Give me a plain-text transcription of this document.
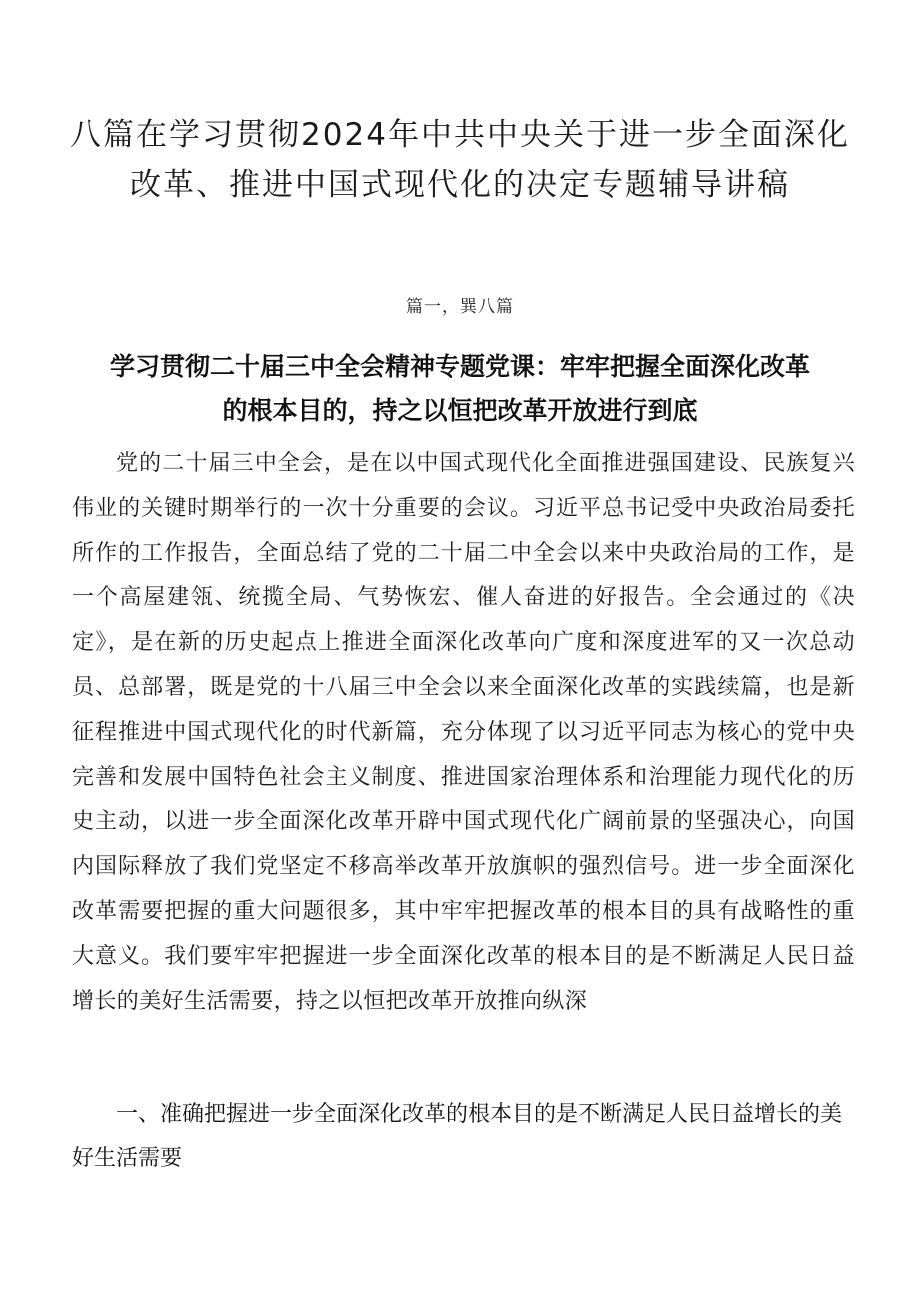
八篇在学习贯彻2024年中共中央关于进一步全面深化改革、推进中国式现代化的决定专题辅导讲稿
篇一，巽八篇
学习贯彻二十届三中全会精神专题党课：牢牢把握全面深化改革的根本目的，持之以恒把改革开放进行到底

党的二十届三中全会，是在以中国式现代化全面推进强国建设、民族复兴伟业的关键时期举行的一次十分重要的会议。习近平总书记受中央政治局委托所作的工作报告，全面总结了党的二十届二中全会以来中央政治局的工作，是一个高屋建瓴、统揽全局、气势恢宏、催人奋进的好报告。全会通过的《决定》，是在新的历史起点上推进全面深化改革向广度和深度进军的又一次总动员、总部署，既是党的十八届三中全会以来全面深化改革的实践续篇，也是新征程推进中国式现代化的时代新篇，充分体现了以习近平同志为核心的党中央完善和发展中国特色社会主义制度、推进国家治理体系和治理能力现代化的历史主动，以进一步全面深化改革开辟中国式现代化广阔前景的坚强决心，向国内国际释放了我们党坚定不移高举改革开放旗帜的强烈信号。进一步全面深化改革需要把握的重大问题很多，其中牢牢把握改革的根本目的具有战略性的重大意义。我们要牢牢把握进一步全面深化改革的根本目的是不断满足人民日益增长的美好生活需要，持之以恒把改革开放推向纵深

一、准确把握进一步全面深化改革的根本目的是不断满足人民日益增长的美好生活需要
